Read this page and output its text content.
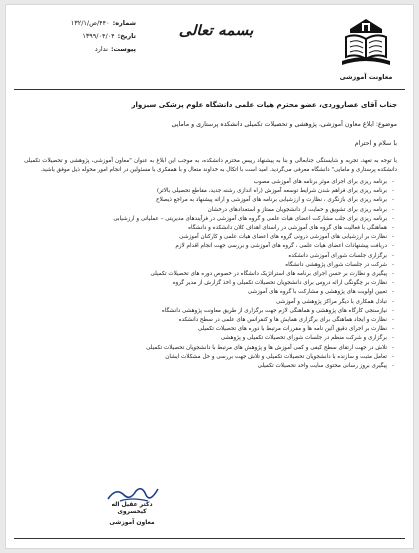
شماره:
۴۴۰/ص/۱۳۲/۱
تاریخ:
۱۳۹۹/۰۴/۰۴
پیوست:
ندارد
بسمه تعالی
معاونت آموزشی
جناب آقای عصاروردی، عضو محترم هیات علمی دانشگاه علوم پزشکی سبزوار
موضوع: ابلاغ معاون آموزشی، پژوهشی و تحصیلات تکمیلی دانشکده پرستاری و مامایی
با سلام و احترام
با توجه به تعهد، تجربه و شایستگی جنابعالی و بنا به پیشنهاد رییس محترم دانشکده، به موجب این ابلاغ به عنوان "معاون آموزشی، پژوهشی و تحصیلات تکمیلی دانشکده پرستاری و مامایی" دانشگاه معرفی می‌گردید. امید است با اتکال به خداوند متعال و با همفکری با مسئولین در انجام امور محوله ذیل موفق باشید.
- برنامه ریزی برای اجرای موثر برنامه های آموزشی مصوب
- برنامه ریزی برای فراهم شدن شرایط توسعه آموزش (راه اندازی رشته جدید، مقاطع تحصیلی بالاتر)
- برنامه ریزی برای بازنگری ، نظارت و ارزشیابی برنامه های آموزشی و ارائه پیشنهاد به مراجع ذیصلاح
- برنامه ریزی برای تشویق و حمایت از دانشجویان ممتاز و استعدادهای درخشان
- برنامه ریزی برای جلب مشارکت اعضای هیات علمی و گروه های آموزشی در فرآیندهای مدیریتی – عملیاتی و ارزشیابی
- هماهنگی با فعالیت های گروه های آموزشی در راستای اهداف کلان دانشکده و دانشگاه
- نظارت بر ارزشیابی های آموزشی درونی گروه های اعضای هیات علمی و کارکنان آموزشی
- دریافت پیشنهادات اعضای هیات علمی ، گروه های آموزشی و بررسی جهت انجام اقدام لازم
- برگزاری جلسات شورای آموزشی دانشکده
- شرکت در جلسات شورای پژوهشی دانشگاه
- پیگیری و نظارت بر حسن اجرای برنامه های استراتژیک دانشگاه در خصوص دوره های تحصیلات تکمیلی
- نظارت بر چگونگی ارائه دروس برای دانشجویان تحصیلات تکمیلی و اخذ گزارش از مدیر گروه
- تعیین اولویت های پژوهشی و مشارکت با گروه های آموزشی
- تبادل همکاری با دیگر مراکز پژوهشی و آموزشی
- نیازسنجی کارگاه های پژوهشی و هماهنگی لازم جهت برگزاری از طریق معاونت پژوهشی دانشگاه
- نظارت و ایجاد هماهنگی برای برگزاری همایش ها و کنفرانس های علمی در سطح دانشکده
- نظارت بر اجرای دقیق آئین نامه ها و مقررات مرتبط با دوره های تحصیلات تکمیلی
- برگزاری و شرکت منظم در جلسات شورای تحصیلات تکمیلی و پژوهشی
- تلاش در جهت ارتقای سطح کیفی و کمی آموزش ها و پژوهش های مرتبط با دانشجویان تحصیلات تکمیلی
- تعامل مثبت و سازنده با دانشجویان تحصیلات تکمیلی و تلاش جهت بررسی و حل مشکلات ایشان
- پیگیری بروز رسانی محتوی سایت واحد تحصیلات تکمیلی
دکتر عقیل اله کیخسروی
معاون آموزشی
